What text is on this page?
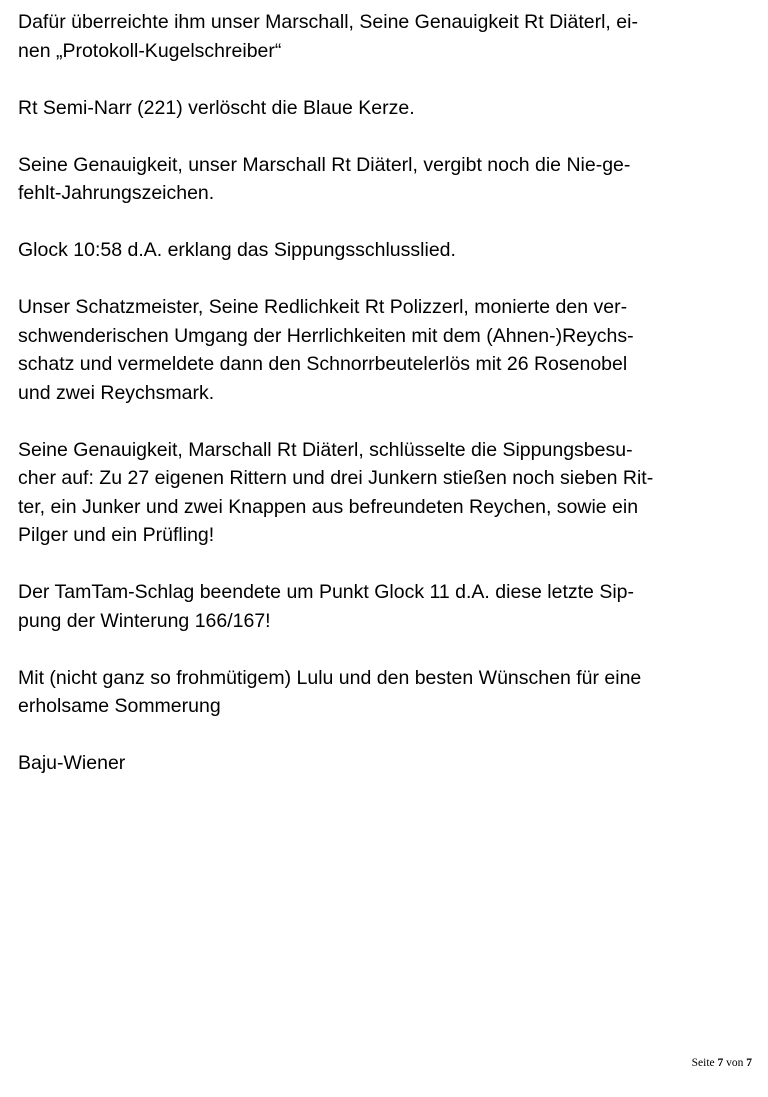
Dafür überreichte ihm unser Marschall, Seine Genauigkeit Rt Diäterl, ei-
nen „Protokoll-Kugelschreiber“

Rt Semi-Narr (221) verlöscht die Blaue Kerze.

Seine Genauigkeit, unser Marschall Rt Diäterl, vergibt noch die Nie-ge-
fehlt-Jahrungszeichen.

Glock 10:58 d.A. erklang das Sippungsschlusslied.

Unser Schatzmeister, Seine Redlichkeit Rt Polizzerl, monierte den ver-
schwenderischen Umgang der Herrlichkeiten mit dem (Ahnen-)Reychs-
schatz und vermeldete dann den Schnorrbeutelerlös mit 26 Rosenobel
und zwei Reychsmark.

Seine Genauigkeit, Marschall Rt Diäterl, schlüsselte die Sippungsbesu-
cher auf: Zu 27 eigenen Rittern und drei Junkern stießen noch sieben Rit-
ter, ein Junker und zwei Knappen aus befreundeten Reychen, sowie ein
Pilger und ein Prüfling!

Der TamTam-Schlag beendete um Punkt Glock 11 d.A. diese letzte Sip-
pung der Winterung 166/167!

Mit (nicht ganz so frohmütigem) Lulu und den besten Wünschen für eine
erholsame Sommerung

Baju-Wiener

Seite 7 von 7
